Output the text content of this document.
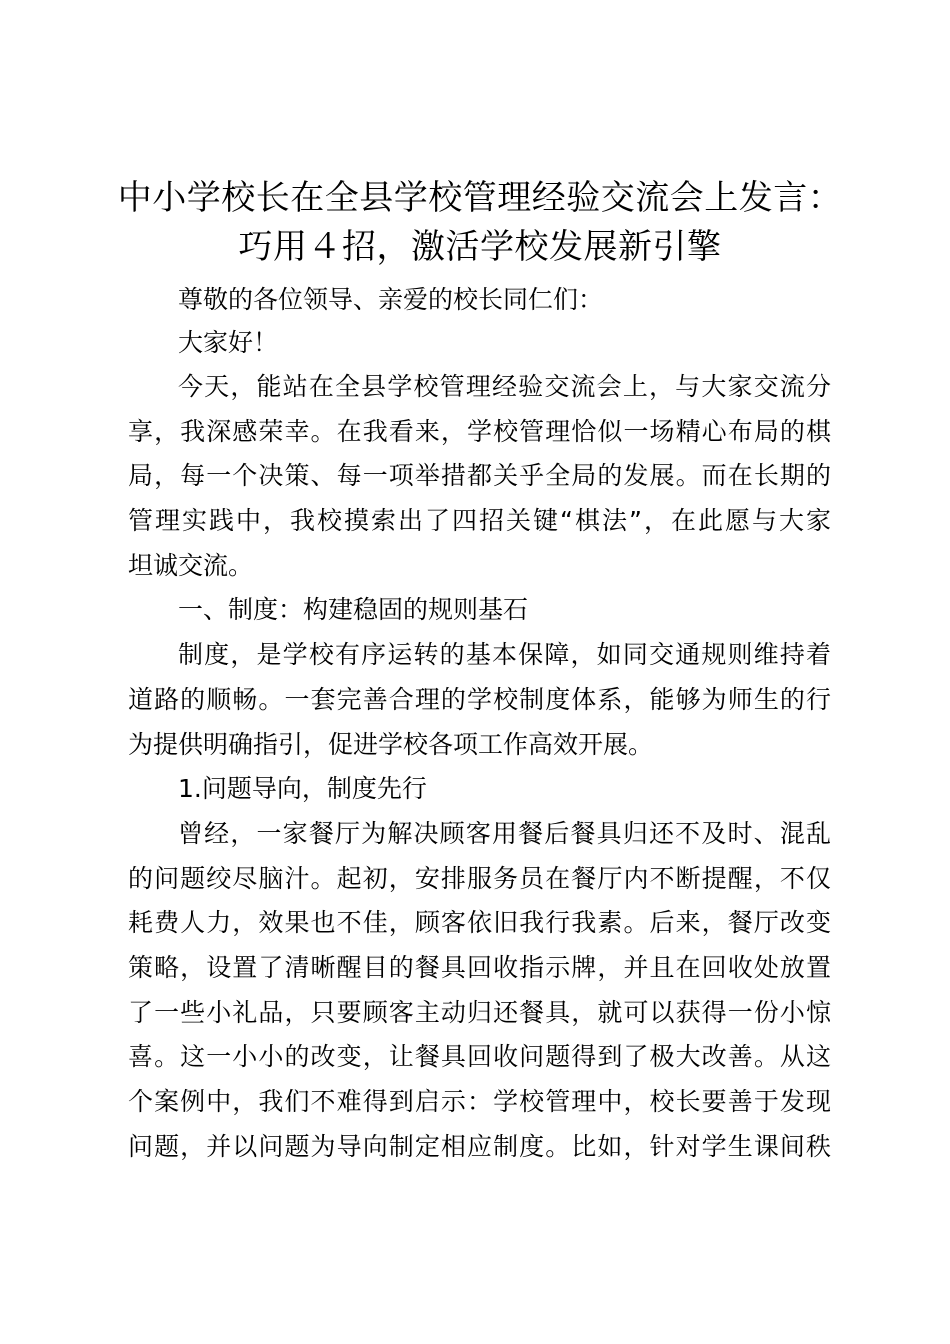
中小学校长在全县学校管理经验交流会上发言：
巧用４招，激活学校发展新引擎
尊敬的各位领导、亲爱的校长同仁们：
大家好！
今天，能站在全县学校管理经验交流会上，与大家交流分
享，我深感荣幸。在我看来，学校管理恰似一场精心布局的棋
局，每一个决策、每一项举措都关乎全局的发展。而在长期的
管理实践中，我校摸索出了四招关键“棋法”，在此愿与大家
坦诚交流。
一、制度：构建稳固的规则基石
制度，是学校有序运转的基本保障，如同交通规则维持着
道路的顺畅。一套完善合理的学校制度体系，能够为师生的行
为提供明确指引，促进学校各项工作高效开展。
1.问题导向，制度先行
曾经，一家餐厅为解决顾客用餐后餐具归还不及时、混乱
的问题绞尽脑汁。起初，安排服务员在餐厅内不断提醒，不仅
耗费人力，效果也不佳，顾客依旧我行我素。后来，餐厅改变
策略，设置了清晰醒目的餐具回收指示牌，并且在回收处放置
了一些小礼品，只要顾客主动归还餐具，就可以获得一份小惊
喜。这一小小的改变，让餐具回收问题得到了极大改善。从这
个案例中，我们不难得到启示：学校管理中，校长要善于发现
问题，并以问题为导向制定相应制度。比如，针对学生课间秩
